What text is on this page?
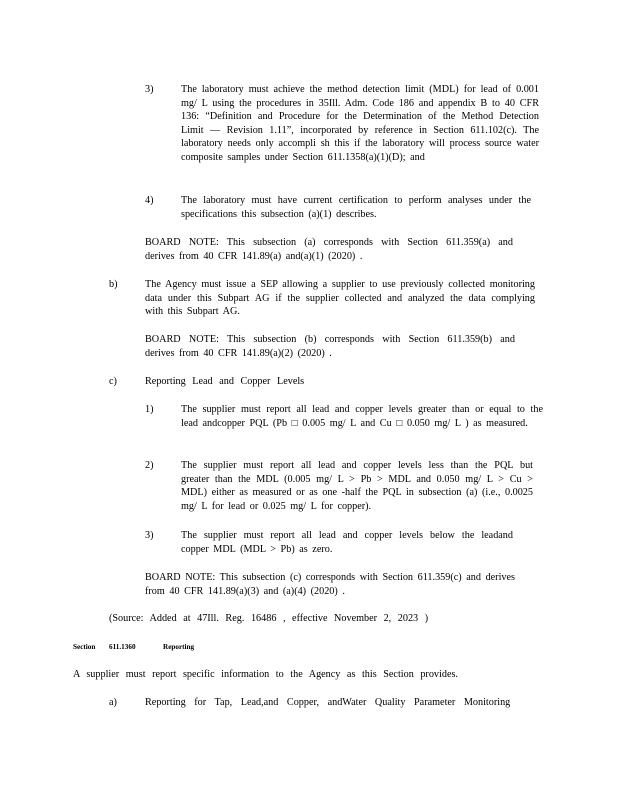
3)	The laboratory must achieve the method detection limit (MDL) for lead of 0.001 mg/ L using the procedures in 35Ill. Adm. Code 186 and appendix B to 40 CFR 136: “Definition and Procedure for the Determination of the Method Detection Limit — Revision 1.11”, incorporated by reference in Section 611.102(c). The laboratory needs only accompli sh this if the laboratory will process source water composite samples under Section 611.1358(a)(1)(D); and
4)	The laboratory must have current certification to perform analyses under the specifications this subsection (a)(1) describes.
BOARD NOTE: This subsection (a) corresponds with Section 611.359(a) and derives from 40 CFR 141.89(a) and(a)(1) (2020) .
b)	The Agency must issue a SEP allowing a supplier to use previously collected monitoring data under this Subpart AG if the supplier collected and analyzed the data complying with this Subpart AG.
BOARD NOTE: This subsection (b) corresponds with Section 611.359(b) and derives from 40 CFR 141.89(a)(2) (2020) .
c)	Reporting Lead and Copper Levels
1)	The supplier must report all lead and copper levels greater than or equal to the lead andcopper PQL (Pb □ 0.005 mg/ L and Cu □ 0.050 mg/ L ) as measured.
2)	The supplier must report all lead and copper levels less than the PQL but greater than the MDL (0.005 mg/ L > Pb > MDL and 0.050 mg/ L > Cu > MDL) either as measured or as one -half the PQL in subsection (a) (i.e., 0.0025 mg/ L for lead or 0.025 mg/ L for copper).
3)	The supplier must report all lead and copper levels below the leadand copper MDL (MDL > Pb) as zero.
BOARD NOTE: This subsection (c) corresponds with Section 611.359(c) and derives from 40 CFR 141.89(a)(3) and (a)(4) (2020) .
(Source: Added at 47Ill. Reg. 16486 , effective November 2, 2023 )
Section 611.1360	Reporting
A supplier must report specific information to the Agency as this Section provides.
a)	Reporting for Tap, Lead,and Copper, andWater Quality Parameter Monitoring
